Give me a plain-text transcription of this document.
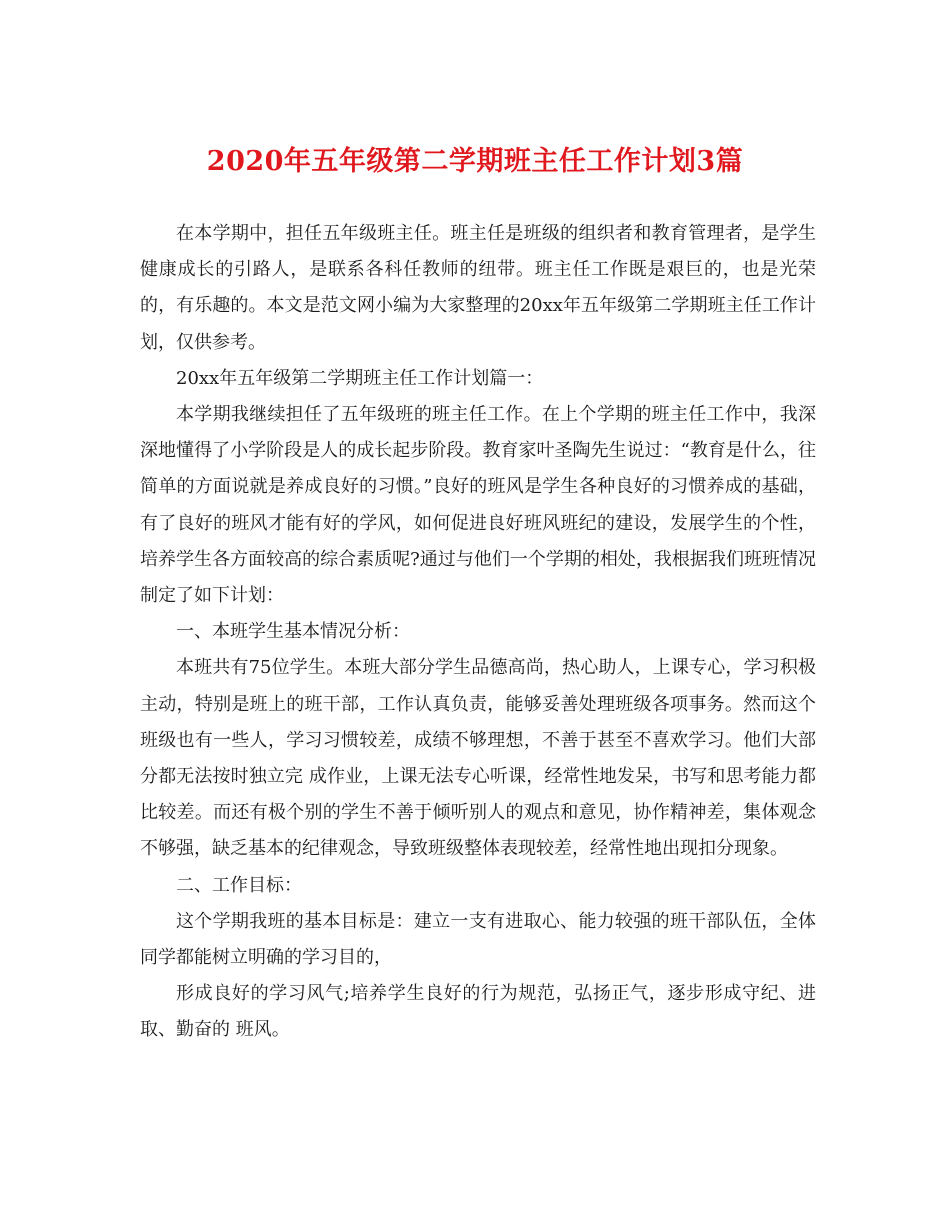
2020年五年级第二学期班主任工作计划3篇

在本学期中，担任五年级班主任。班主任是班级的组织者和教育管理者，是学生健康成长的引路人，是联系各科任教师的纽带。班主任工作既是艰巨的，也是光荣的，有乐趣的。本文是范文网小编为大家整理的20xx年五年级第二学期班主任工作计划，仅供参考。

20xx年五年级第二学期班主任工作计划篇一：

本学期我继续担任了五年级班的班主任工作。在上个学期的班主任工作中，我深深地懂得了小学阶段是人的成长起步阶段。教育家叶圣陶先生说过：“教育是什么，往简单的方面说就是养成良好的习惯。”良好的班风是学生各种良好的习惯养成的基础，有了良好的班风才能有好的学风，如何促进良好班风班纪的建设，发展学生的个性，培养学生各方面较高的综合素质呢?通过与他们一个学期的相处，我根据我们班班情况制定了如下计划：

一、本班学生基本情况分析：

本班共有75位学生。本班大部分学生品德高尚，热心助人，上课专心，学习积极主动，特别是班上的班干部，工作认真负责，能够妥善处理班级各项事务。然而这个班级也有一些人，学习习惯较差，成绩不够理想，不善于甚至不喜欢学习。他们大部分都无法按时独立完 成作业，上课无法专心听课，经常性地发呆，书写和思考能力都比较差。而还有极个别的学生不善于倾听别人的观点和意见，协作精神差，集体观念不够强，缺乏基本的纪律观念，导致班级整体表现较差，经常性地出现扣分现象。

二、工作目标：

这个学期我班的基本目标是：建立一支有进取心、能力较强的班干部队伍，全体同学都能树立明确的学习目的，

形成良好的学习风气;培养学生良好的行为规范，弘扬正气，逐步形成守纪、进取、勤奋的 班风。
